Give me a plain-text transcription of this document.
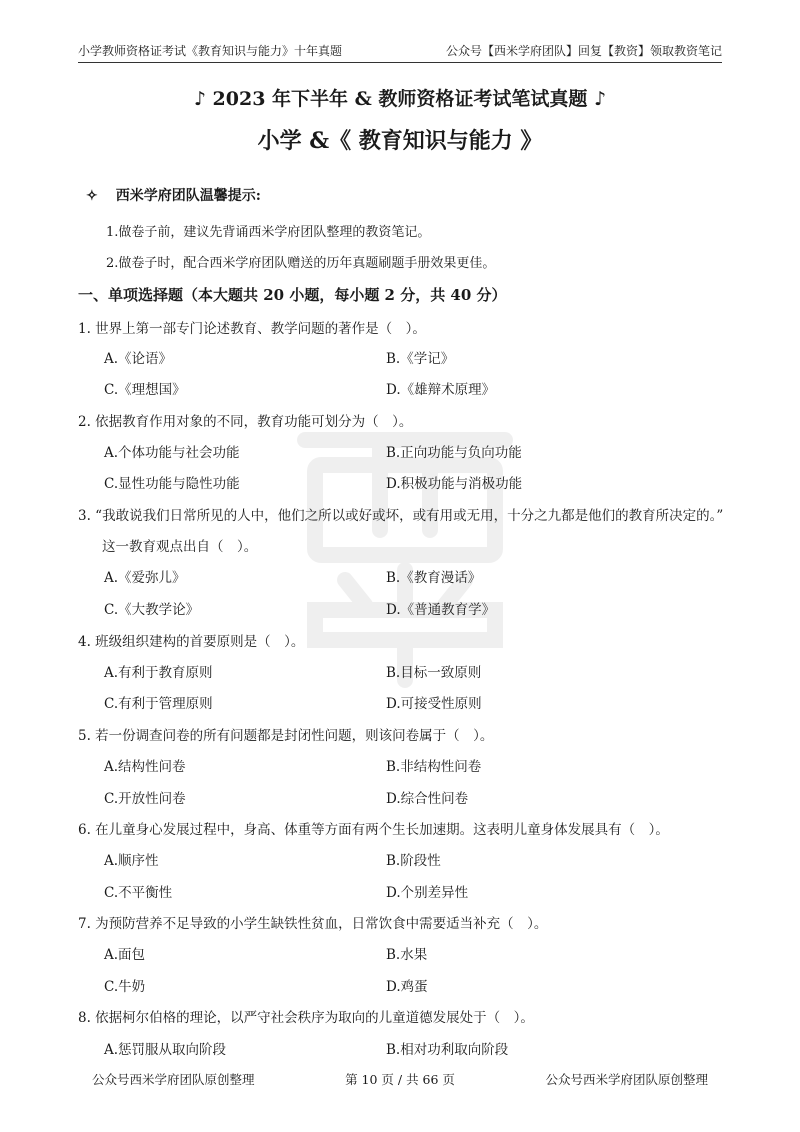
小学教师资格证考试《教育知识与能力》十年真题	公众号【西米学府团队】回复【教资】领取教资笔记
♪ 2023 年下半年 & 教师资格证考试笔试真题 ♪
小学 &《 教育知识与能力 》
✧ 西米学府团队温馨提示:
1.做卷子前，建议先背诵西米学府团队整理的教资笔记。
2.做卷子时，配合西米学府团队赠送的历年真题刷题手册效果更佳。
一、单项选择题（本大题共 20 小题，每小题 2 分，共 40 分）
1. 世界上第一部专门论述教育、教学问题的著作是（　）。
A.《论语》	B.《学记》
C.《理想国》	D.《雄辩术原理》
2. 依据教育作用对象的不同，教育功能可划分为（　）。
A.个体功能与社会功能	B.正向功能与负向功能
C.显性功能与隐性功能	D.积极功能与消极功能
3. “我敢说我们日常所见的人中，他们之所以或好或坏，或有用或无用，十分之九都是他们的教育所决定的。”
这一教育观点出自（　）。
A.《爱弥儿》	B.《教育漫话》
C.《大教学论》	D.《普通教育学》
4. 班级组织建构的首要原则是（　）。
A.有利于教育原则	B.目标一致原则
C.有利于管理原则	D.可接受性原则
5. 若一份调查问卷的所有问题都是封闭性问题，则该问卷属于（　）。
A.结构性问卷	B.非结构性问卷
C.开放性问卷	D.综合性问卷
6. 在儿童身心发展过程中，身高、体重等方面有两个生长加速期。这表明儿童身体发展具有（　）。
A.顺序性	B.阶段性
C.不平衡性	D.个别差异性
7. 为预防营养不足导致的小学生缺铁性贫血，日常饮食中需要适当补充（　）。
A.面包	B.水果
C.牛奶	D.鸡蛋
8. 依据柯尔伯格的理论，以严守社会秩序为取向的儿童道德发展处于（　）。
A.惩罚服从取向阶段	B.相对功利取向阶段
公众号西米学府团队原创整理	第 10 页 / 共 66 页	公众号西米学府团队原创整理
